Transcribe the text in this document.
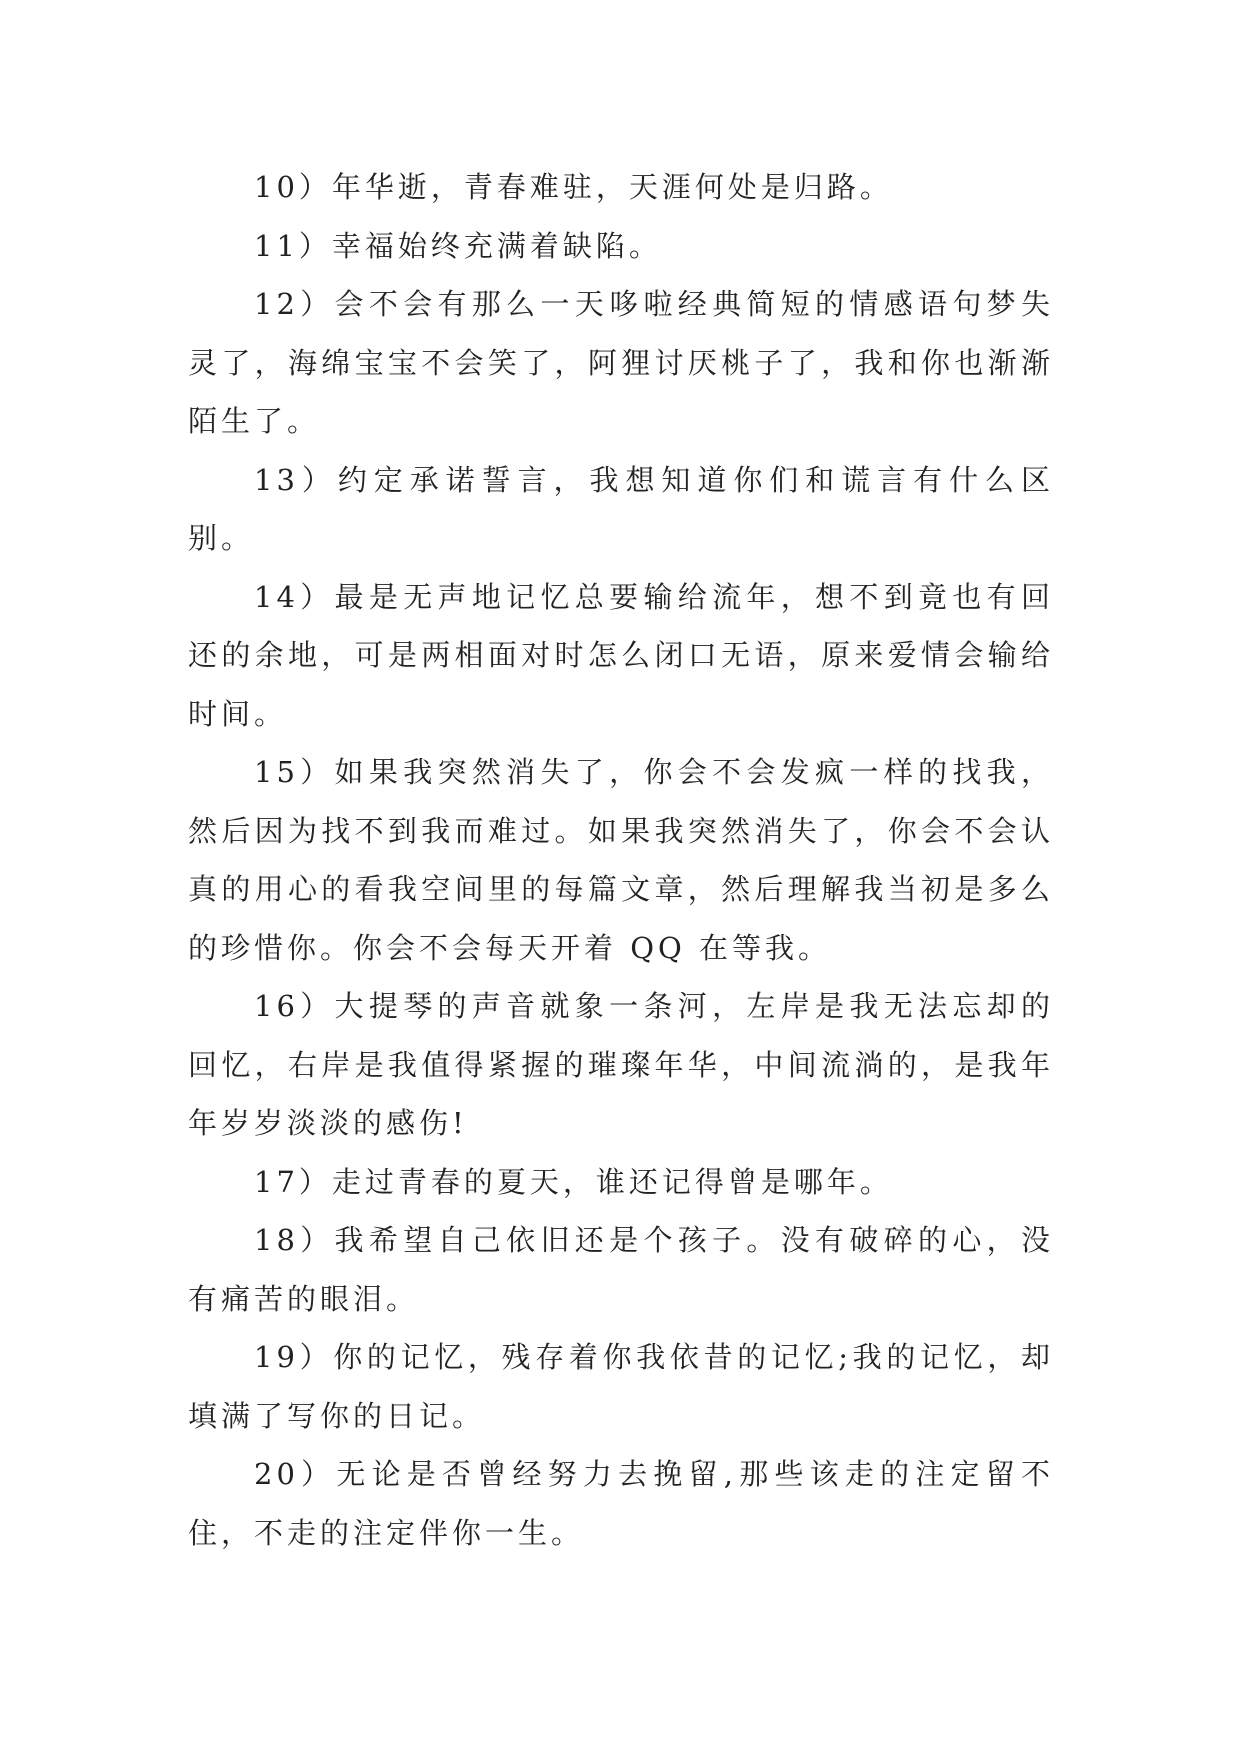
10）年华逝，青春难驻，天涯何处是归路。

11）幸福始终充满着缺陷。

12）会不会有那么一天哆啦经典简短的情感语句梦失灵了，海绵宝宝不会笑了，阿狸讨厌桃子了，我和你也渐渐陌生了。

13）约定承诺誓言，我想知道你们和谎言有什么区别。

14）最是无声地记忆总要输给流年，想不到竟也有回还的余地，可是两相面对时怎么闭口无语，原来爱情会输给时间。

15）如果我突然消失了，你会不会发疯一样的找我，然后因为找不到我而难过。如果我突然消失了，你会不会认真的用心的看我空间里的每篇文章，然后理解我当初是多么的珍惜你。你会不会每天开着 QQ 在等我。

16）大提琴的声音就象一条河，左岸是我无法忘却的回忆，右岸是我值得紧握的璀璨年华，中间流淌的，是我年年岁岁淡淡的感伤!

17）走过青春的夏天，谁还记得曾是哪年。

18）我希望自己依旧还是个孩子。没有破碎的心，没有痛苦的眼泪。

19）你的记忆，残存着你我依昔的记忆;我的记忆，却填满了写你的日记。

20）无论是否曾经努力去挽留,那些该走的注定留不住，不走的注定伴你一生。
